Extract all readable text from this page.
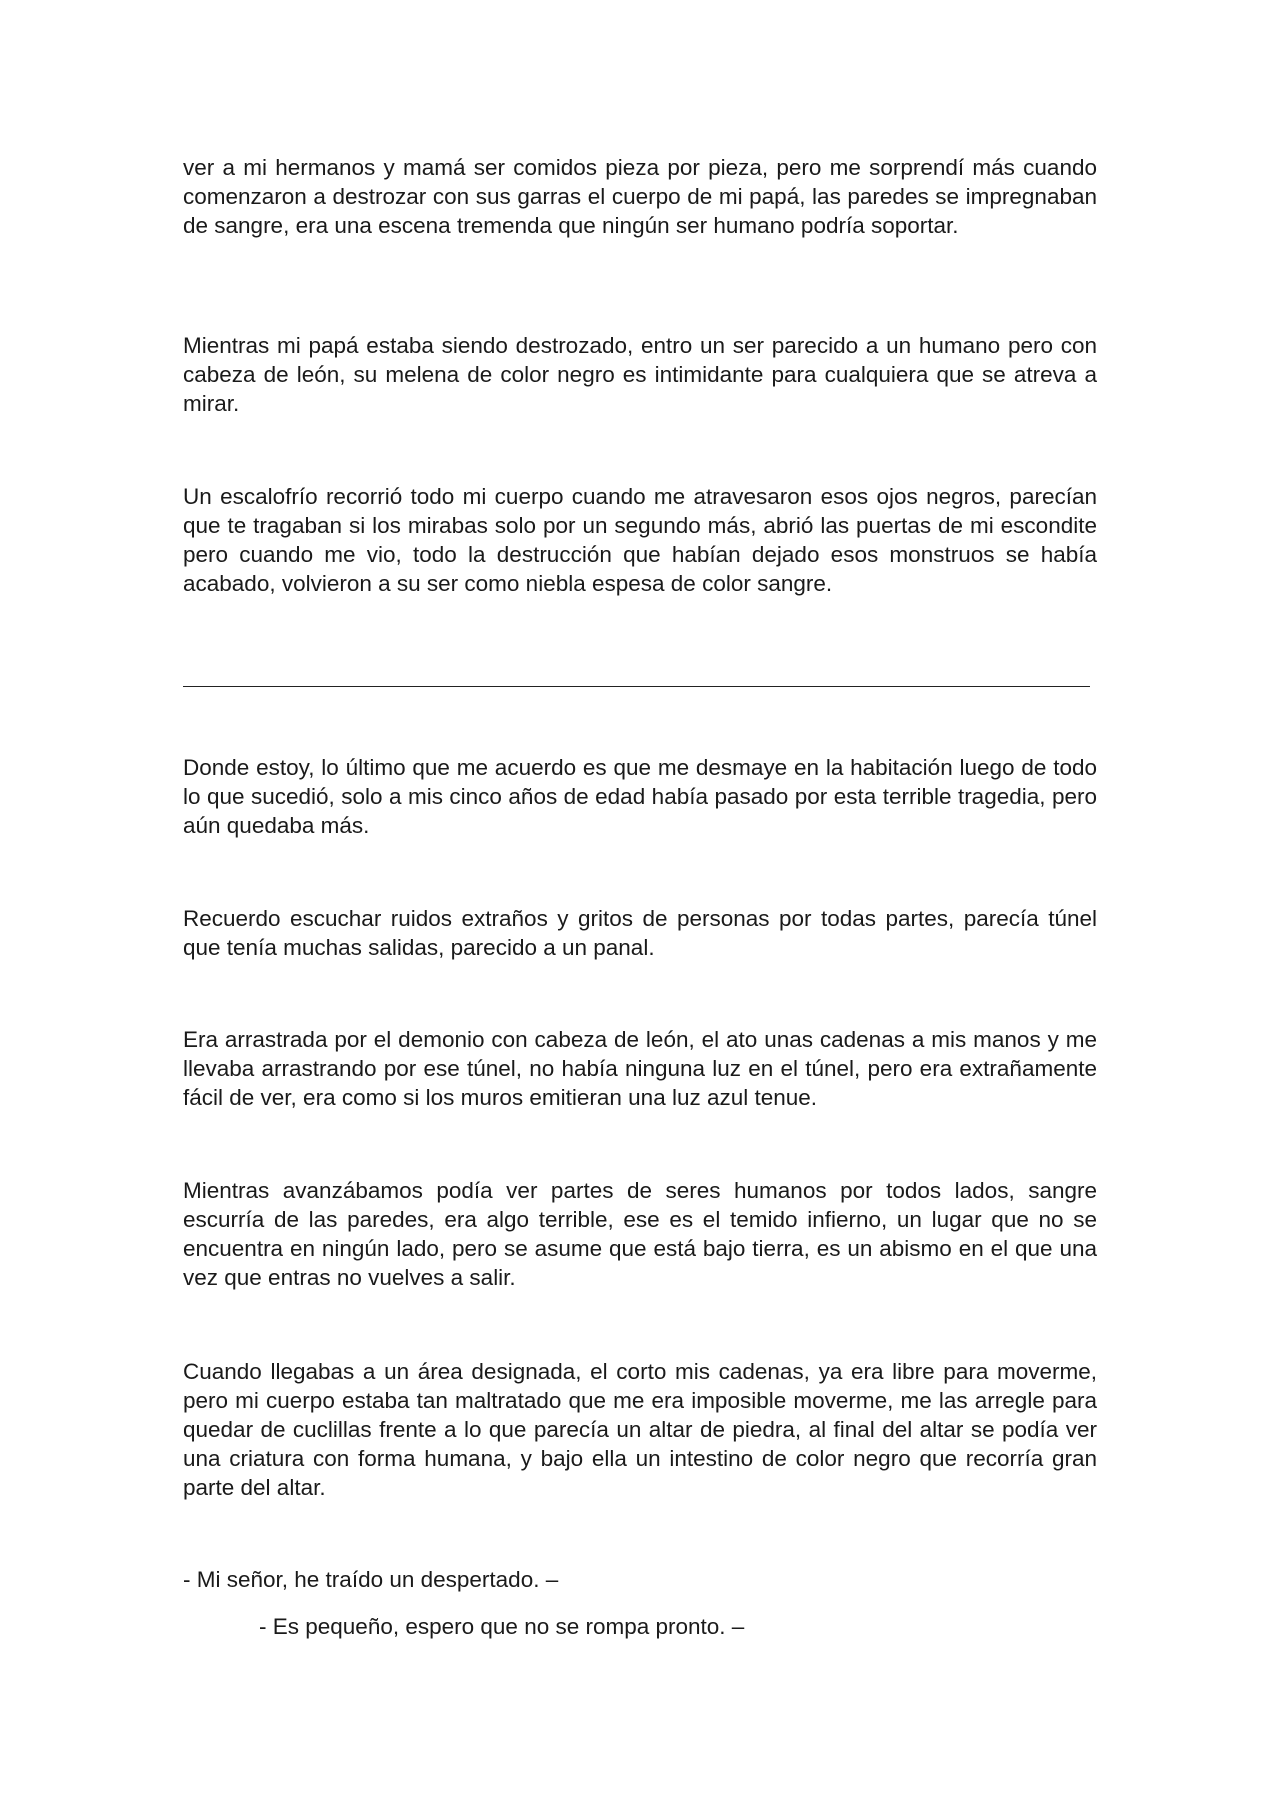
ver a mi hermanos y mamá ser comidos pieza por pieza, pero me sorprendí más cuando comenzaron a destrozar con sus garras el cuerpo de mi papá, las paredes se impregnaban de sangre, era una escena tremenda que ningún ser humano podría soportar.

Mientras mi papá estaba siendo destrozado, entro un ser parecido a un humano pero con cabeza de león, su melena de color negro es intimidante para cualquiera que se atreva a mirar.

Un escalofrío recorrió todo mi cuerpo cuando me atravesaron esos ojos negros, parecían que te tragaban si los mirabas solo por un segundo más, abrió las puertas de mi escondite pero cuando me vio, todo la destrucción que habían dejado esos monstruos se había acabado, volvieron a su ser como niebla espesa de color sangre.

Donde estoy, lo último que me acuerdo es que me desmaye en la habitación luego de todo lo que sucedió, solo a mis cinco años de edad había pasado por esta terrible tragedia, pero aún quedaba más.

Recuerdo escuchar ruidos extraños y gritos de personas por todas partes, parecía túnel que tenía muchas salidas, parecido a un panal.

Era arrastrada por el demonio con cabeza de león, el ato unas cadenas a mis manos y me llevaba arrastrando por ese túnel, no había ninguna luz en el túnel, pero era extrañamente fácil de ver, era como si los muros emitieran una luz azul tenue.

Mientras avanzábamos podía ver partes de seres humanos por todos lados, sangre escurría de las paredes, era algo terrible, ese es el temido infierno, un lugar que no se encuentra en ningún lado, pero se asume que está bajo tierra, es un abismo en el que una vez que entras no vuelves a salir.

Cuando llegabas a un área designada, el corto mis cadenas, ya era libre para moverme, pero mi cuerpo estaba tan maltratado que me era imposible moverme, me las arregle para quedar de cuclillas frente a lo que parecía un altar de piedra, al final del altar se podía ver una criatura con forma humana, y bajo ella un intestino de color negro que recorría gran parte del altar.

- Mi señor, he traído un despertado. –

- Es pequeño, espero que no se rompa pronto. –
